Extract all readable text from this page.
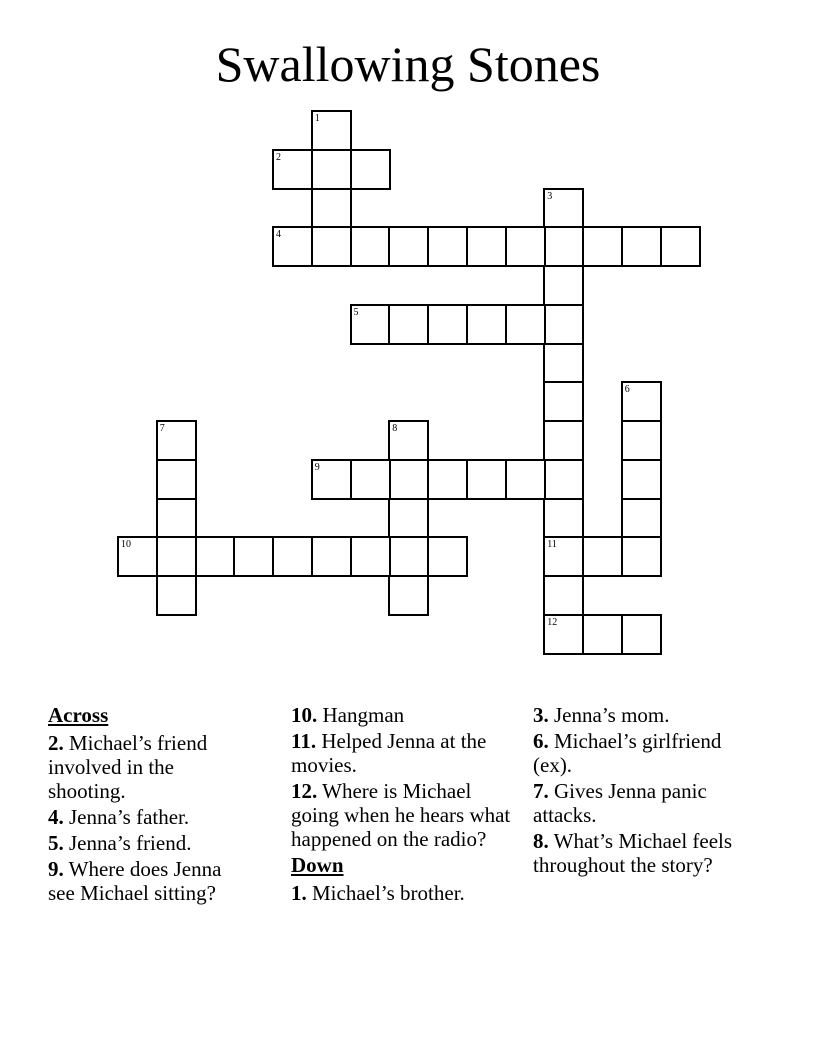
Swallowing Stones
1
2
3
11
12
4
5
6
7	8
9
10
Across
2. Michael’s friend involved in the shooting.
4. Jenna’s father.
5. Jenna’s friend.
9. Where does Jenna see Michael sitting?
10. Hangman
11. Helped Jenna at the movies.
12. Where is Michael going when he hears what happened on the radio?
Down
1. Michael’s brother.
3. Jenna’s mom.
6. Michael’s girlfriend (ex).
7. Gives Jenna panic attacks.
8. What’s Michael feels throughout the story?
